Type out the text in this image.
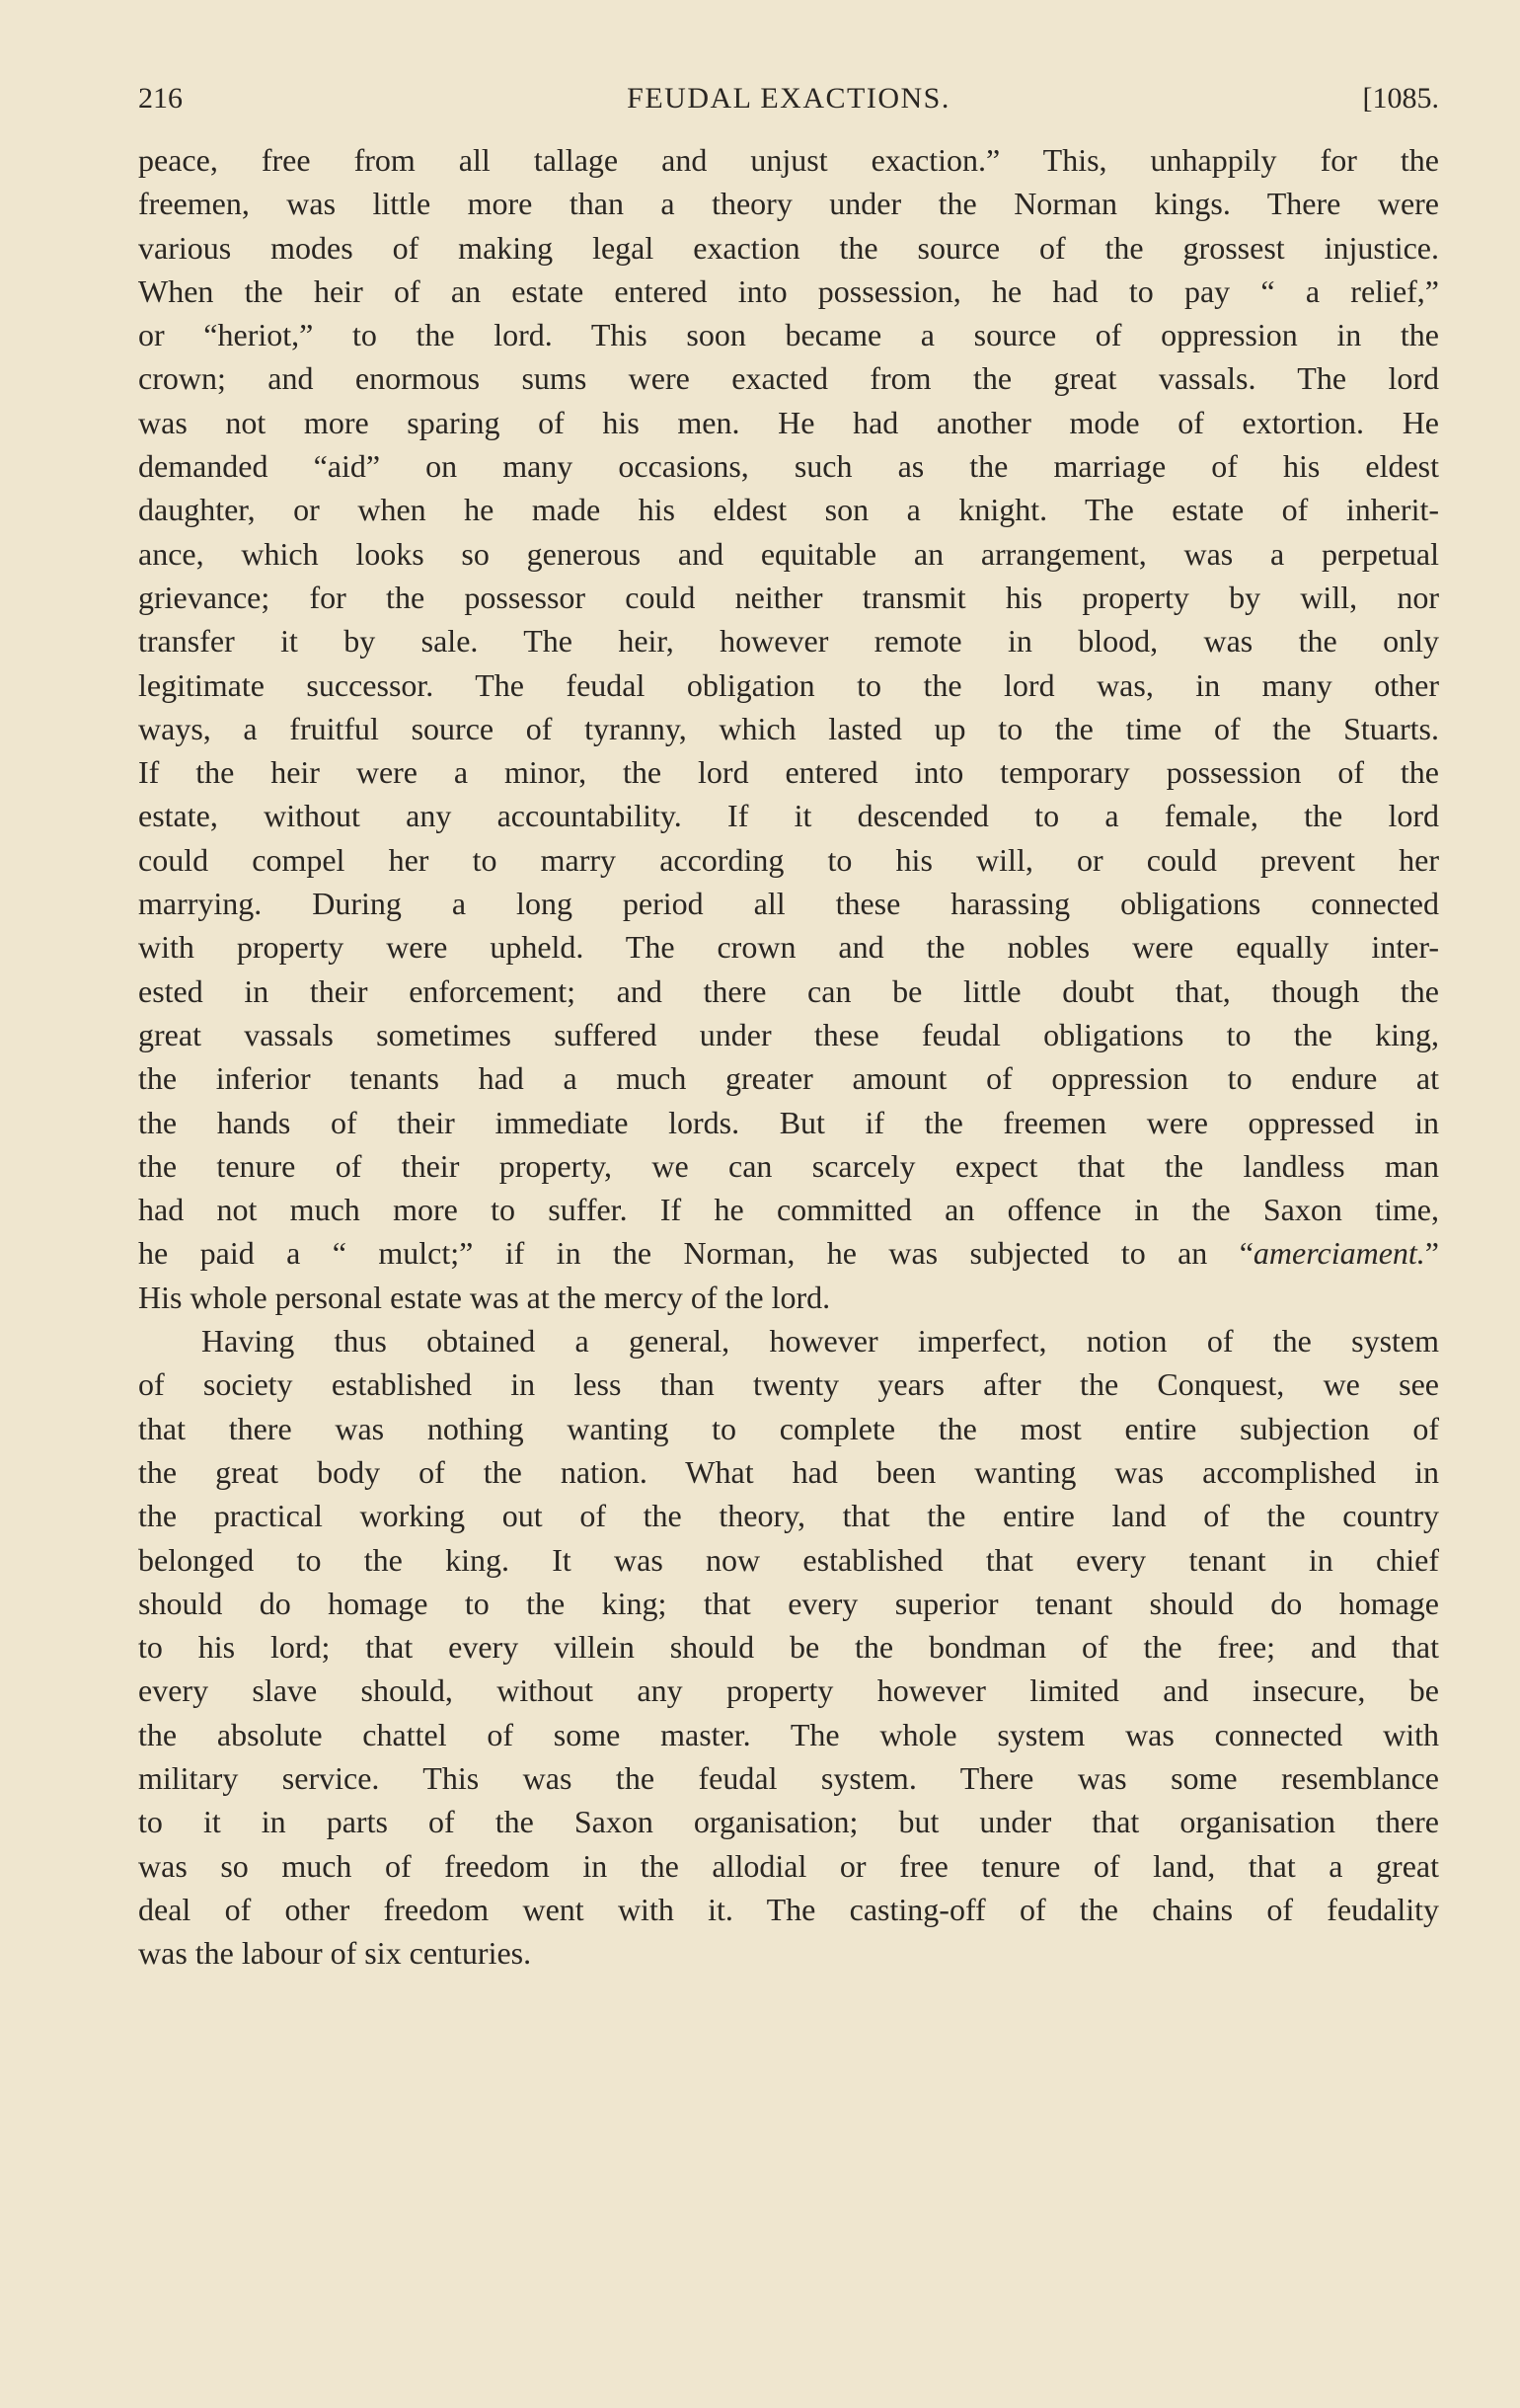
216	FEUDAL EXACTIONS.	[1085.
peace, free from all tallage and unjust exaction.” This, unhappily for the
freemen, was little more than a theory under the Norman kings. There were
various modes of making legal exaction the source of the grossest injustice.
When the heir of an estate entered into possession, he had to pay “ a relief,”
or “heriot,” to the lord. This soon became a source of oppression in the
crown; and enormous sums were exacted from the great vassals. The lord
was not more sparing of his men. He had another mode of extortion. He
demanded “aid” on many occasions, such as the marriage of his eldest
daughter, or when he made his eldest son a knight. The estate of inherit-
ance, which looks so generous and equitable an arrangement, was a perpetual
grievance; for the possessor could neither transmit his property by will, nor
transfer it by sale. The heir, however remote in blood, was the only
legitimate successor. The feudal obligation to the lord was, in many other
ways, a fruitful source of tyranny, which lasted up to the time of the Stuarts.
If the heir were a minor, the lord entered into temporary possession of the
estate, without any accountability. If it descended to a female, the lord
could compel her to marry according to his will, or could prevent her
marrying. During a long period all these harassing obligations connected
with property were upheld. The crown and the nobles were equally inter-
ested in their enforcement; and there can be little doubt that, though the
great vassals sometimes suffered under these feudal obligations to the king,
the inferior tenants had a much greater amount of oppression to endure at
the hands of their immediate lords. But if the freemen were oppressed in
the tenure of their property, we can scarcely expect that the landless man
had not much more to suffer. If he committed an offence in the Saxon time,
he paid a “ mulct;” if in the Norman, he was subjected to an “amerciament.”
His whole personal estate was at the mercy of the lord.
Having thus obtained a general, however imperfect, notion of the system
of society established in less than twenty years after the Conquest, we see
that there was nothing wanting to complete the most entire subjection of
the great body of the nation. What had been wanting was accomplished in
the practical working out of the theory, that the entire land of the country
belonged to the king. It was now established that every tenant in chief
should do homage to the king; that every superior tenant should do homage
to his lord; that every villein should be the bondman of the free; and that
every slave should, without any property however limited and insecure, be
the absolute chattel of some master. The whole system was connected with
military service. This was the feudal system. There was some resemblance
to it in parts of the Saxon organisation; but under that organisation there
was so much of freedom in the allodial or free tenure of land, that a great
deal of other freedom went with it. The casting-off of the chains of feudality
was the labour of six centuries.
